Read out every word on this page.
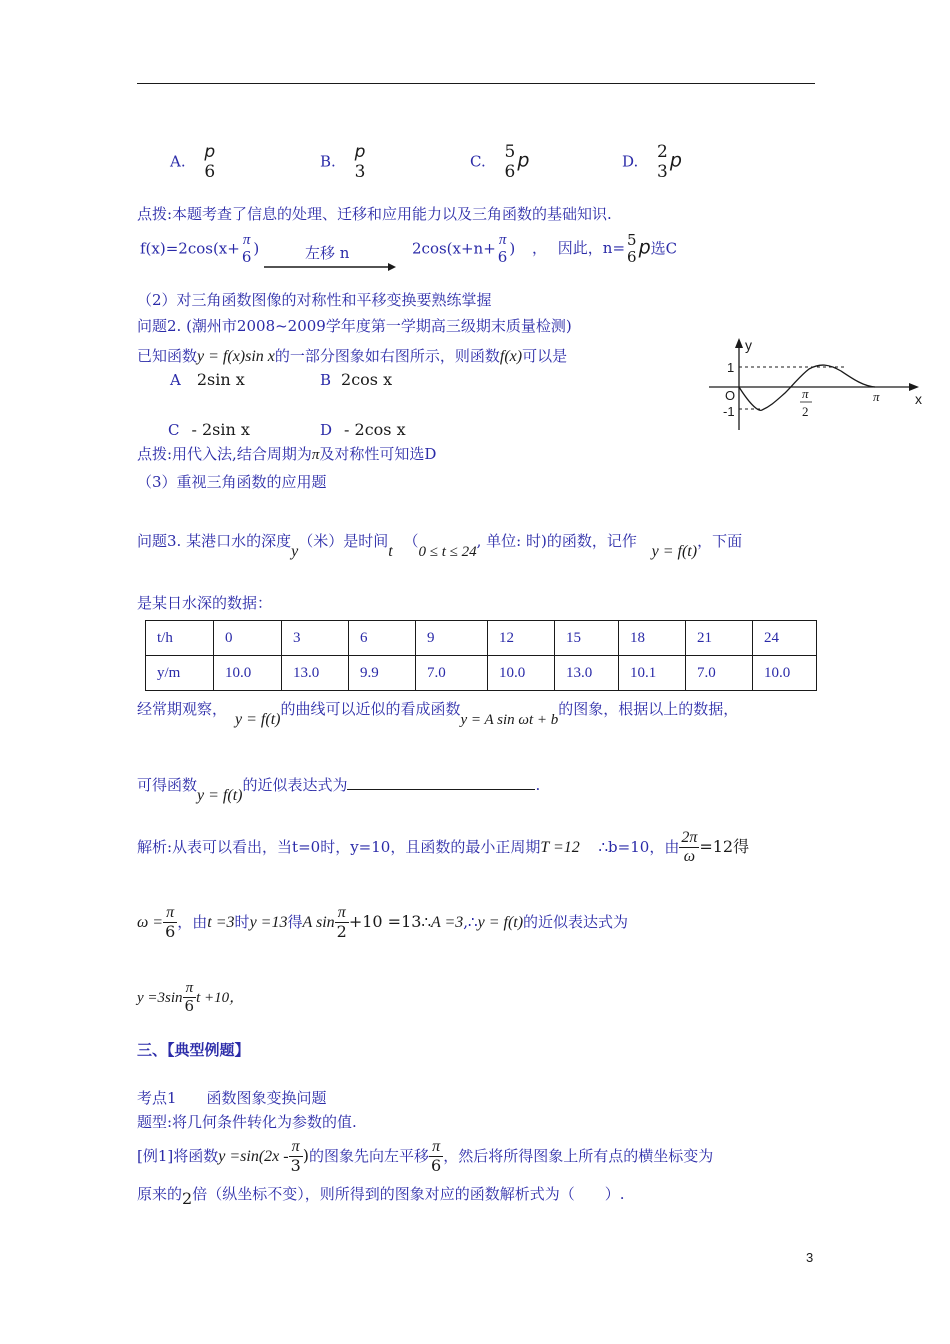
A. p
6	B. p
3	C. 5
6 p	D. 2
3 p
点拨:本题考查了信息的处理、迁移和应用能力以及三角函数的基础知识.
f(x)=2cos(x+ π
6 )	左移 n	2cos(x+n+ π
6 ) ， 因此，n= 5
6 p选C
（2）对三角函数图像的对称性和平移变换要熟练掌握
问题2. (潮州市2008~2009学年度第一学期高三级期末质量检测)
已知函数y = f(x)sin x的一部分图象如右图所示，则函数f(x)可以是
A 2sin x	B 2cos x
C - 2sin x	D - 2cos x
y
x
1
-1
O	π
2
π
点拨:用代入法,结合周期为π及对称性可知选D
（3）重视三角函数的应用题
问题3. 某港口水的深度y（米）是时间t （0 ≤ t ≤ 24, 单位: 时)的函数，记作 y = f(t)，下面
是某日水深的数据：
t/h	0	3	6	9	12	15	18	21	24
y/m	10.0	13.0	9.9	7.0	10.0	13.0	10.1	7.0	10.0
经常期观察，y = f(t)的曲线可以近似的看成函数y = A sin ωt + b的图象，根据以上的数据，
可得函数y = f(t)的近似表达式为	.
解析:从表可以看出，当t=0时，y=10，且函数的最小正周期T =12 ∴b=10，由 $\frac{2\pi}{\omega} =12$得
$\omega = \frac{\pi}{6}$ ，由t =3时y =13得A $\sin \frac{\pi}{2} +10$ =13∴A =3,∴y = f(t)的近似表达式为
$y =3\sin \frac{\pi}{6}$ t +10，
三、【典型例题】
考点1 函数图象变换问题
题型:将几何条件转化为参数的值.
[例1]将函数$y =\sin(2x - \frac{\pi}{3}$ )的图象先向左平移 $\frac{\pi}{6}$ ，然后将所得图象上所有点的横坐标变为
原来的2倍（纵坐标不变），则所得到的图象对应的函数解析式为（　　）.
3
